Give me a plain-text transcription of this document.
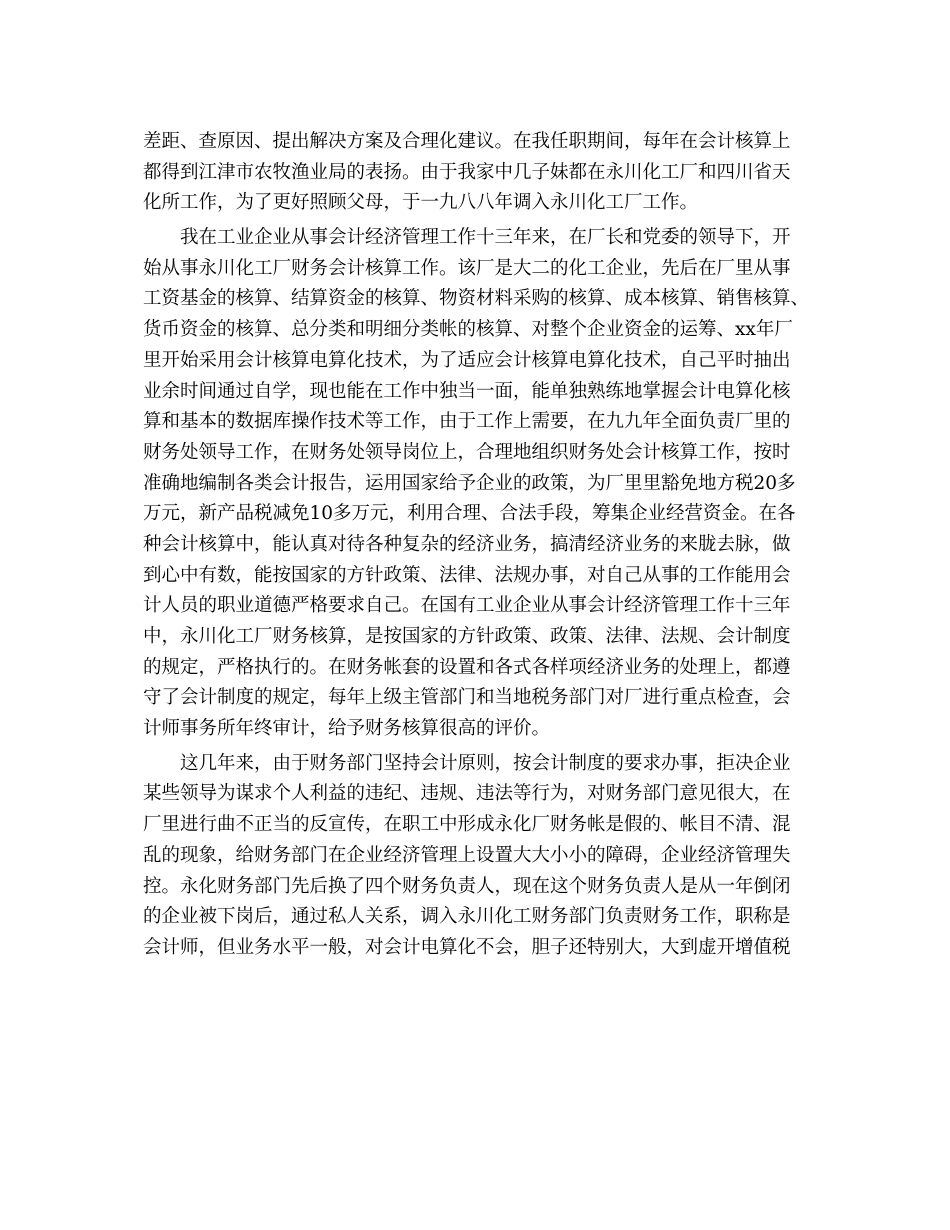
差距、查原因、提出解决方案及合理化建议。在我任职期间，每年在会计核算上
都得到江津市农牧渔业局的表扬。由于我家中几子妹都在永川化工厂和四川省天
化所工作，为了更好照顾父母，于一九八八年调入永川化工厂工作。
　　我在工业企业从事会计经济管理工作十三年来，在厂长和党委的领导下，开
始从事永川化工厂财务会计核算工作。该厂是大二的化工企业，先后在厂里从事
工资基金的核算、结算资金的核算、物资材料采购的核算、成本核算、销售核算、
货币资金的核算、总分类和明细分类帐的核算、对整个企业资金的运筹、xx年厂
里开始采用会计核算电算化技术，为了适应会计核算电算化技术，自己平时抽出
业余时间通过自学，现也能在工作中独当一面，能单独熟练地掌握会计电算化核
算和基本的数据库操作技术等工作，由于工作上需要，在九九年全面负责厂里的
财务处领导工作，在财务处领导岗位上，合理地组织财务处会计核算工作，按时
准确地编制各类会计报告，运用国家给予企业的政策，为厂里里豁免地方税20多
万元，新产品税减免10多万元，利用合理、合法手段，筹集企业经营资金。在各
种会计核算中，能认真对待各种复杂的经济业务，搞清经济业务的来胧去脉，做
到心中有数，能按国家的方针政策、法律、法规办事，对自己从事的工作能用会
计人员的职业道德严格要求自己。在国有工业企业从事会计经济管理工作十三年
中，永川化工厂财务核算，是按国家的方针政策、政策、法律、法规、会计制度
的规定，严格执行的。在财务帐套的设置和各式各样项经济业务的处理上，都遵
守了会计制度的规定，每年上级主管部门和当地税务部门对厂进行重点检查，会
计师事务所年终审计，给予财务核算很高的评价。
　　这几年来，由于财务部门坚持会计原则，按会计制度的要求办事，拒决企业
某些领导为谋求个人利益的违纪、违规、违法等行为，对财务部门意见很大，在
厂里进行曲不正当的反宣传，在职工中形成永化厂财务帐是假的、帐目不清、混
乱的现象，给财务部门在企业经济管理上设置大大小小的障碍，企业经济管理失
控。永化财务部门先后换了四个财务负责人，现在这个财务负责人是从一年倒闭
的企业被下岗后，通过私人关系，调入永川化工财务部门负责财务工作，职称是
会计师，但业务水平一般，对会计电算化不会，胆子还特别大，大到虚开增值税
